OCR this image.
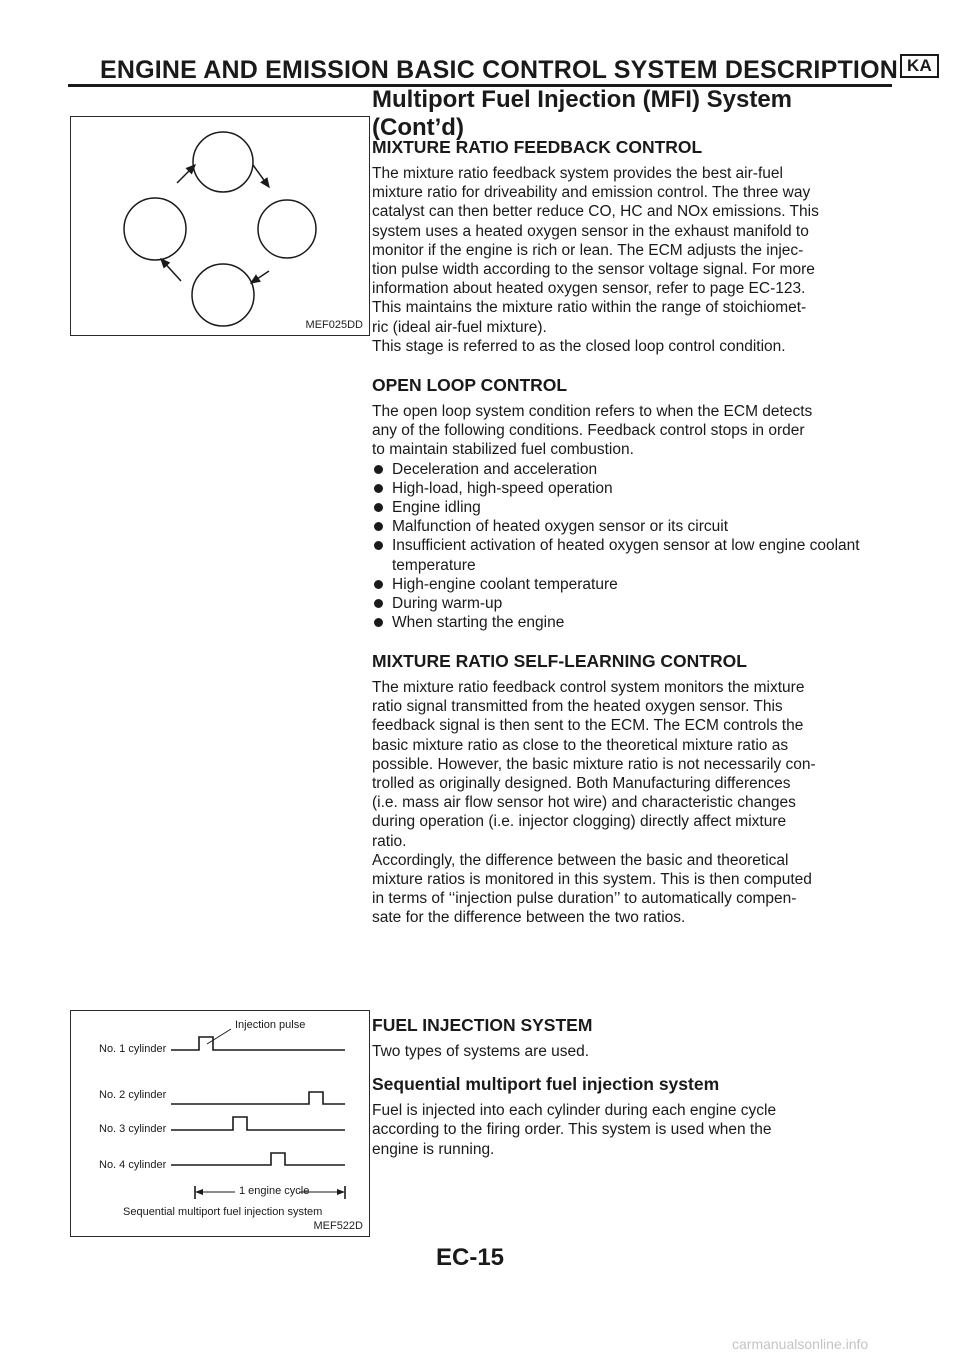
ENGINE AND EMISSION BASIC CONTROL SYSTEM DESCRIPTION KA
Multiport Fuel Injection (MFI) System
(Cont’d)
MEF025DD
Injection pulse
No. 1 cylinder
No. 2 cylinder
No. 3 cylinder
No. 4 cylinder
1 engine cycle
Sequential multiport fuel injection system
MEF522D
MIXTURE RATIO FEEDBACK CONTROL

The mixture ratio feedback system provides the best air-fuel
mixture ratio for driveability and emission control. The three way
catalyst can then better reduce CO, HC and NOx emissions. This
system uses a heated oxygen sensor in the exhaust manifold to
monitor if the engine is rich or lean. The ECM adjusts the injec-
tion pulse width according to the sensor voltage signal. For more
information about heated oxygen sensor, refer to page EC-123.
This maintains the mixture ratio within the range of stoichiomet-
ric (ideal air-fuel mixture).
This stage is referred to as the closed loop control condition.

OPEN LOOP CONTROL

The open loop system condition refers to when the ECM detects
any of the following conditions. Feedback control stops in order
to maintain stabilized fuel combustion.

Deceleration and acceleration
High-load, high-speed operation
Engine idling
Malfunction of heated oxygen sensor or its circuit
Insufficient activation of heated oxygen sensor at low engine coolant temperature
High-engine coolant temperature
During warm-up
When starting the engine
MIXTURE RATIO SELF-LEARNING CONTROL

The mixture ratio feedback control system monitors the mixture
ratio signal transmitted from the heated oxygen sensor. This
feedback signal is then sent to the ECM. The ECM controls the
basic mixture ratio as close to the theoretical mixture ratio as
possible. However, the basic mixture ratio is not necessarily con-
trolled as originally designed. Both Manufacturing differences
(i.e. mass air flow sensor hot wire) and characteristic changes
during operation (i.e. injector clogging) directly affect mixture
ratio.
Accordingly, the difference between the basic and theoretical
mixture ratios is monitored in this system. This is then computed
in terms of ‘‘injection pulse duration’’ to automatically compen-
sate for the difference between the two ratios.

FUEL INJECTION SYSTEM

Two types of systems are used.

Sequential multiport fuel injection system

Fuel is injected into each cylinder during each engine cycle
according to the firing order. This system is used when the
engine is running.

EC-15
carmanualsonline.info
